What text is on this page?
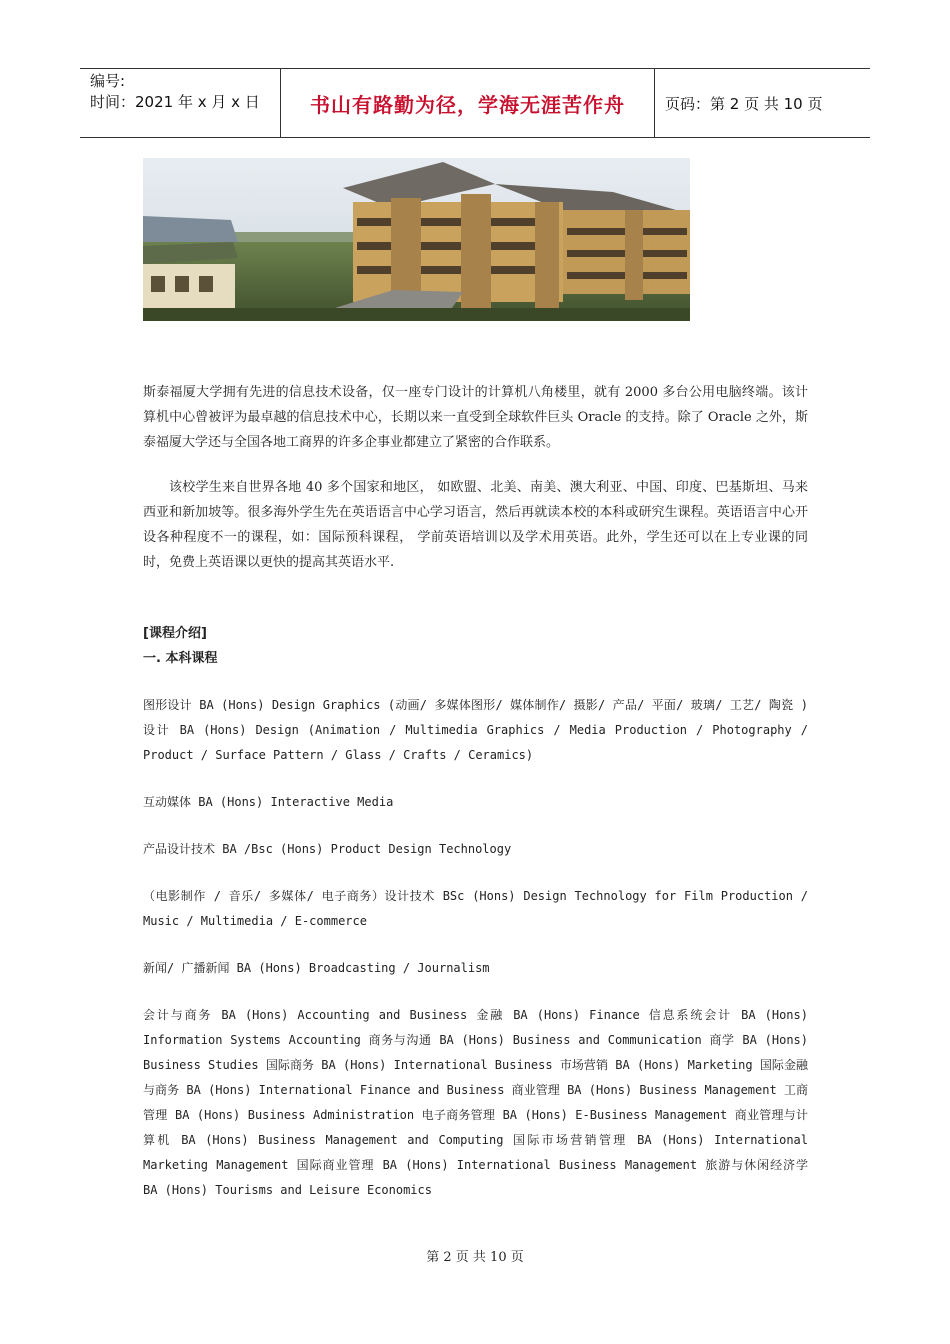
编号:
时间：2021 年 x 月 x 日	书山有路勤为径，学海无涯苦作舟	页码：第 2 页 共 10 页

斯泰福厦大学拥有先进的信息技术设备，仅一座专门设计的计算机八角楼里，就有 2000 多台公用电脑终端。该计算机中心曾被评为最卓越的信息技术中心，长期以来一直受到全球软件巨头 Oracle 的支持。除了 Oracle 之外，斯泰福厦大学还与全国各地工商界的许多企事业都建立了紧密的合作联系。

该校学生来自世界各地 40 多个国家和地区， 如欧盟、北美、南美、澳大利亚、中国、印度、巴基斯坦、马来西亚和新加坡等。很多海外学生先在英语语言中心学习语言，然后再就读本校的本科或研究生课程。英语语言中心开设各种程度不一的课程，如：国际预科课程， 学前英语培训以及学术用英语。此外，学生还可以在上专业课的同时，免费上英语课以更快的提高其英语水平.

[课程介绍]
一. 本科课程

图形设计 BA (Hons) Design Graphics (动画/ 多媒体图形/ 媒体制作/ 摄影/ 产品/ 平面/ 玻璃/ 工艺/ 陶瓷 ) 设计 BA (Hons) Design (Animation / Multimedia Graphics / Media Production / Photography / Product / Surface Pattern / Glass / Crafts / Ceramics)

互动媒体 BA (Hons) Interactive Media

产品设计技术 BA /Bsc (Hons) Product Design Technology

（电影制作 / 音乐/ 多媒体/ 电子商务）设计技术 BSc (Hons) Design Technology for Film Production / Music / Multimedia / E-commerce

新闻/ 广播新闻 BA (Hons) Broadcasting / Journalism

会计与商务 BA (Hons) Accounting and Business 金融 BA (Hons) Finance 信息系统会计 BA (Hons) Information Systems Accounting 商务与沟通 BA (Hons) Business and Communication 商学 BA (Hons) Business Studies 国际商务 BA (Hons) International Business 市场营销 BA (Hons) Marketing 国际金融与商务 BA (Hons) International Finance and Business 商业管理 BA (Hons) Business Management 工商管理 BA (Hons) Business Administration 电子商务管理 BA (Hons) E-Business Management 商业管理与计算机 BA (Hons) Business Management and Computing 国际市场营销管理 BA (Hons) International Marketing Management 国际商业管理 BA (Hons) International Business Management 旅游与休闲经济学 BA (Hons) Tourisms and Leisure Economics

第 2 页 共 10 页
